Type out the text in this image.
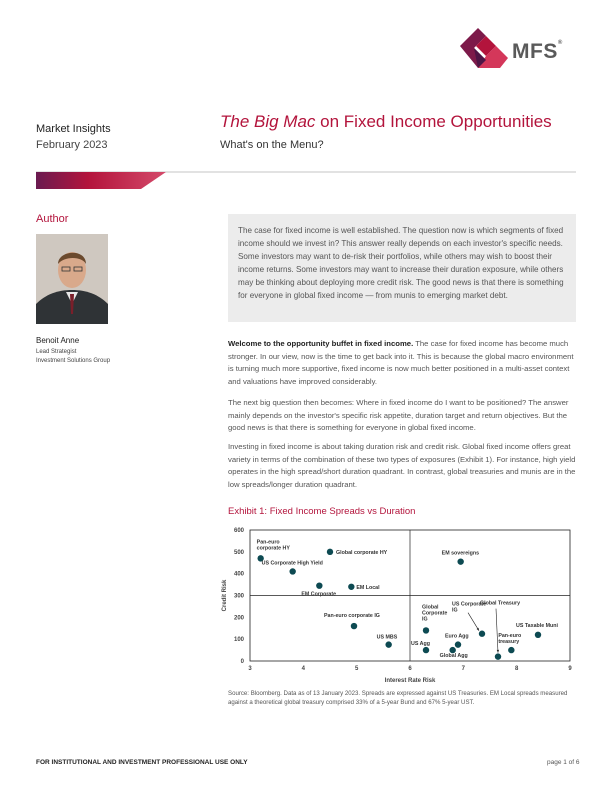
MFS®
Market Insights
February 2023
The Big Mac on Fixed Income Opportunities
What's on the Menu?
Author
Benoit Anne
Lead Strategist
Investment Solutions Group
The case for fixed income is well established. The question now is which segments of fixed income should we invest in? This answer really depends on each investor's specific needs. Some investors may want to de-risk their portfolios, while others may wish to boost their income returns. Some investors may want to increase their duration exposure, while others may be thinking about deploying more credit risk. The good news is that there is something for everyone in global fixed income — from munis to emerging market debt.
Welcome to the opportunity buffet in fixed income. The case for fixed income has become much stronger. In our view, now is the time to get back into it. This is because the global macro environment is turning much more supportive, fixed income is now much better positioned in a multi-asset context and valuations have improved considerably.
The next big question then becomes: Where in fixed income do I want to be positioned? The answer mainly depends on the investor's specific risk appetite, duration target and return objectives. But the good news is that there is something for everyone in global fixed income.
Investing in fixed income is about taking duration risk and credit risk. Global fixed income offers great variety in terms of the combination of these two types of exposures (Exhibit 1). For instance, high yield operates in the high spread/short duration quadrant. In contrast, global treasuries and munis are in the low spreads/longer duration quadrant.
Exhibit 1: Fixed Income Spreads vs Duration
3	4	5	6	7	8	9
0
100
200
300
400
500
600
Pan-euro corporate HY
Global corporate HY
US Corporate High Yield
EM Corporate
EM Local
EM sovereigns
Pan-euro corporate IG
US MBS
Global Corporate IG
US Corporate IG
Global Treasury
US Taxable Muni
Euro Agg
US Agg
Global Agg
Pan-euro treasury
Interest Rate Risk
Credit Risk
Source: Bloomberg. Data as of 13 January 2023. Spreads are expressed against US Treasuries. EM Local spreads measured against a theoretical global treasury comprised 33% of a 5-year Bund and 67% 5-year UST.
FOR INSTITUTIONAL AND INVESTMENT PROFESSIONAL USE ONLY	page 1 of 6
